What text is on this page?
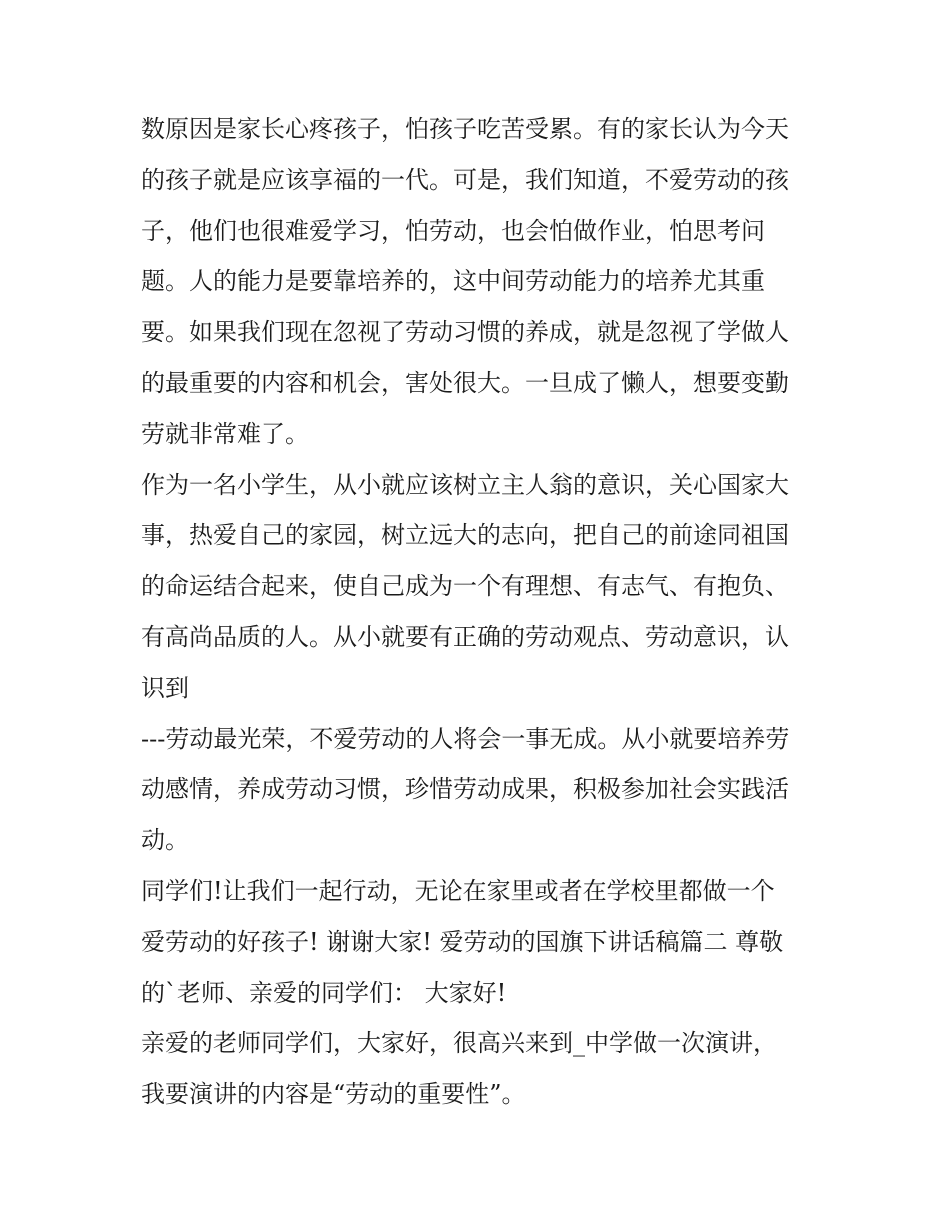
数原因是家长心疼孩子，怕孩子吃苦受累。有的家长认为今天
的孩子就是应该享福的一代。可是，我们知道，不爱劳动的孩
子，他们也很难爱学习，怕劳动，也会怕做作业，怕思考问
题。人的能力是要靠培养的，这中间劳动能力的培养尤其重
要。如果我们现在忽视了劳动习惯的养成，就是忽视了学做人
的最重要的内容和机会，害处很大。一旦成了懒人，想要变勤
劳就非常难了。
作为一名小学生，从小就应该树立主人翁的意识，关心国家大
事，热爱自己的家园，树立远大的志向，把自己的前途同祖国
的命运结合起来，使自己成为一个有理想、有志气、有抱负、
有高尚品质的人。从小就要有正确的劳动观点、劳动意识，认
识到
---劳动最光荣，不爱劳动的人将会一事无成。从小就要培养劳
动感情，养成劳动习惯，珍惜劳动成果，积极参加社会实践活
动。
同学们!让我们一起行动，无论在家里或者在学校里都做一个
爱劳动的好孩子! 谢谢大家! 爱劳动的国旗下讲话稿篇二 尊敬
的`老师、亲爱的同学们： 大家好!
亲爱的老师同学们，大家好，很高兴来到_中学做一次演讲，
我要演讲的内容是“劳动的重要性”。
